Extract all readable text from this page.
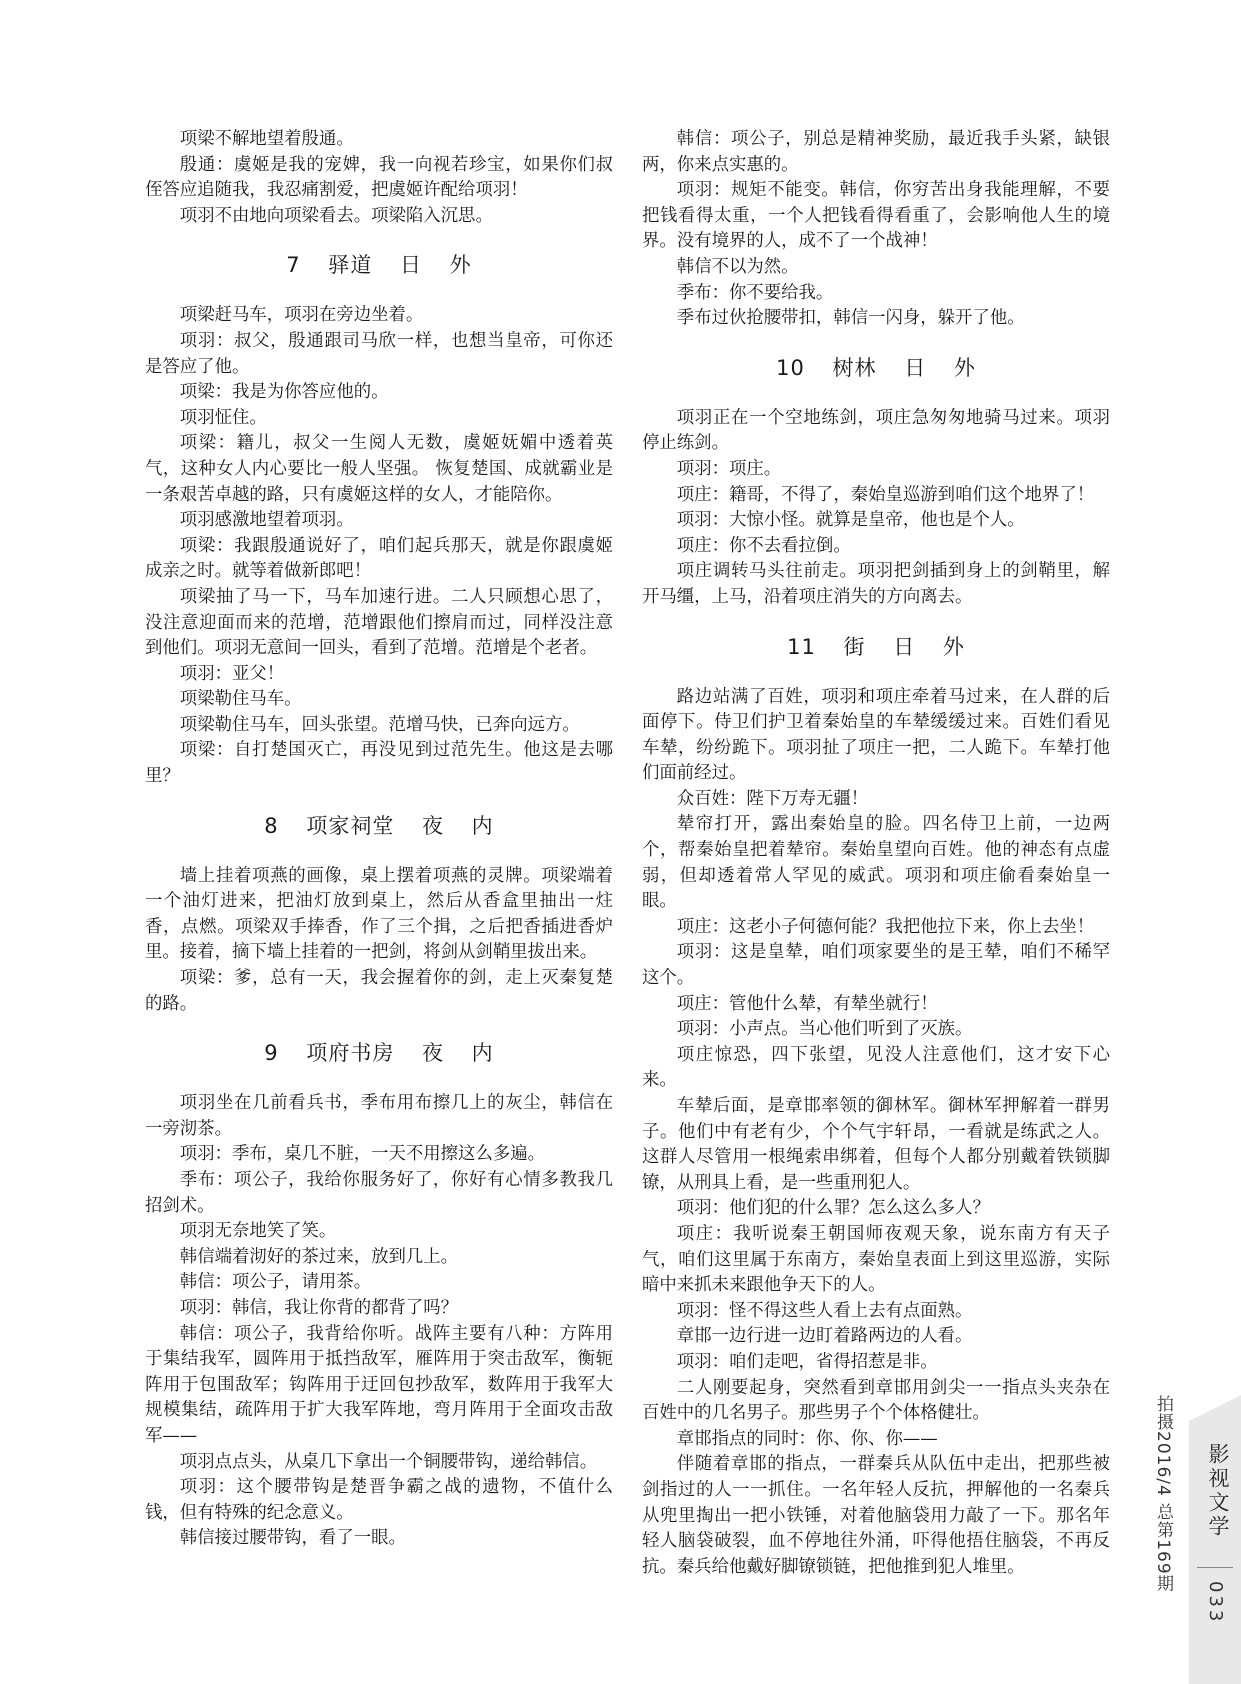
项梁不解地望着殷通。

殷通：虞姬是我的宠婢，我一向视若珍宝，如果你们叔侄答应追随我，我忍痛割爱，把虞姬许配给项羽！

项羽不由地向项梁看去。项梁陷入沉思。

7 驿道 日 外

项梁赶马车，项羽在旁边坐着。

项羽：叔父，殷通跟司马欣一样，也想当皇帝，可你还是答应了他。

项梁：我是为你答应他的。

项羽怔住。

项梁：籍儿，叔父一生阅人无数，虞姬妩媚中透着英气，这种女人内心要比一般人坚强。 恢复楚国、成就霸业是一条艰苦卓越的路，只有虞姬这样的女人，才能陪你。

项羽感激地望着项羽。

项梁：我跟殷通说好了，咱们起兵那天，就是你跟虞姬成亲之时。就等着做新郎吧！

项梁抽了马一下，马车加速行进。二人只顾想心思了，没注意迎面而来的范增，范增跟他们擦肩而过，同样没注意到他们。项羽无意间一回头，看到了范增。范增是个老者。

项羽：亚父！

项梁勒住马车。

项梁勒住马车，回头张望。范增马快，已奔向远方。

项梁：自打楚国灭亡，再没见到过范先生。他这是去哪里？

8 项家祠堂 夜 内

墙上挂着项燕的画像，桌上摆着项燕的灵牌。项梁端着一个油灯进来，把油灯放到桌上，然后从香盒里抽出一炷香，点燃。项梁双手捧香，作了三个揖，之后把香插进香炉里。接着，摘下墙上挂着的一把剑，将剑从剑鞘里拔出来。

项梁：爹，总有一天，我会握着你的剑，走上灭秦复楚的路。

9 项府书房 夜 内

项羽坐在几前看兵书，季布用布擦几上的灰尘，韩信在一旁沏茶。

项羽：季布，桌几不脏，一天不用擦这么多遍。

季布：项公子，我给你服务好了，你好有心情多教我几招剑术。

项羽无奈地笑了笑。

韩信端着沏好的茶过来，放到几上。

韩信：项公子，请用茶。

项羽：韩信，我让你背的都背了吗？

韩信：项公子，我背给你听。战阵主要有八种：方阵用于集结我军，圆阵用于抵挡敌军，雁阵用于突击敌军，衡轭阵用于包围敌军；钩阵用于迂回包抄敌军，数阵用于我军大规模集结，疏阵用于扩大我军阵地，弯月阵用于全面攻击敌军——

项羽点点头，从桌几下拿出一个铜腰带钩，递给韩信。

项羽：这个腰带钩是楚晋争霸之战的遗物，不值什么钱，但有特殊的纪念意义。

韩信接过腰带钩，看了一眼。

韩信：项公子，别总是精神奖励，最近我手头紧，缺银两，你来点实惠的。

项羽：规矩不能变。韩信，你穷苦出身我能理解，不要把钱看得太重，一个人把钱看得看重了，会影响他人生的境界。没有境界的人，成不了一个战神！

韩信不以为然。

季布：你不要给我。

季布过伙抢腰带扣，韩信一闪身，躲开了他。

10 树林 日 外

项羽正在一个空地练剑，项庄急匆匆地骑马过来。项羽停止练剑。

项羽：项庄。

项庄：籍哥，不得了，秦始皇巡游到咱们这个地界了！

项羽：大惊小怪。就算是皇帝，他也是个人。

项庄：你不去看拉倒。

项庄调转马头往前走。项羽把剑插到身上的剑鞘里，解开马缰，上马，沿着项庄消失的方向离去。

11 街 日 外

路边站满了百姓，项羽和项庄牵着马过来，在人群的后面停下。侍卫们护卫着秦始皇的车辇缓缓过来。百姓们看见车辇，纷纷跪下。项羽扯了项庄一把，二人跪下。车辇打他们面前经过。

众百姓：陛下万寿无疆！

辇帘打开，露出秦始皇的脸。四名侍卫上前，一边两个，帮秦始皇把着辇帘。秦始皇望向百姓。他的神态有点虚弱，但却透着常人罕见的威武。项羽和项庄偷看秦始皇一眼。

项庄：这老小子何德何能？我把他拉下来，你上去坐！

项羽：这是皇辇，咱们项家要坐的是王辇，咱们不稀罕这个。

项庄：管他什么辇，有辇坐就行！

项羽：小声点。当心他们听到了灭族。

项庄惊恐，四下张望，见没人注意他们，这才安下心来。

车辇后面，是章邯率领的御林军。御林军押解着一群男子。他们中有老有少，个个气宇轩昂，一看就是练武之人。这群人尽管用一根绳索串绑着，但每个人都分别戴着铁锁脚镣，从刑具上看，是一些重刑犯人。

项羽：他们犯的什么罪？怎么这么多人？

项庄：我听说秦王朝国师夜观天象，说东南方有天子气，咱们这里属于东南方，秦始皇表面上到这里巡游，实际暗中来抓未来跟他争天下的人。

项羽：怪不得这些人看上去有点面熟。

章邯一边行进一边盯着路两边的人看。

项羽：咱们走吧，省得招惹是非。

二人刚要起身，突然看到章邯用剑尖一一指点头夹杂在百姓中的几名男子。那些男子个个体格健壮。

章邯指点的同时：你、你、你——

伴随着章邯的指点，一群秦兵从队伍中走出，把那些被剑指过的人一一抓住。一名年轻人反抗，押解他的一名秦兵从兜里掏出一把小铁锤，对着他脑袋用力敲了一下。那名年轻人脑袋破裂，血不停地往外涌，吓得他捂住脑袋，不再反抗。秦兵给他戴好脚镣锁链，把他推到犯人堆里。	拍摄2016/4 总第169期 影视文学
033
